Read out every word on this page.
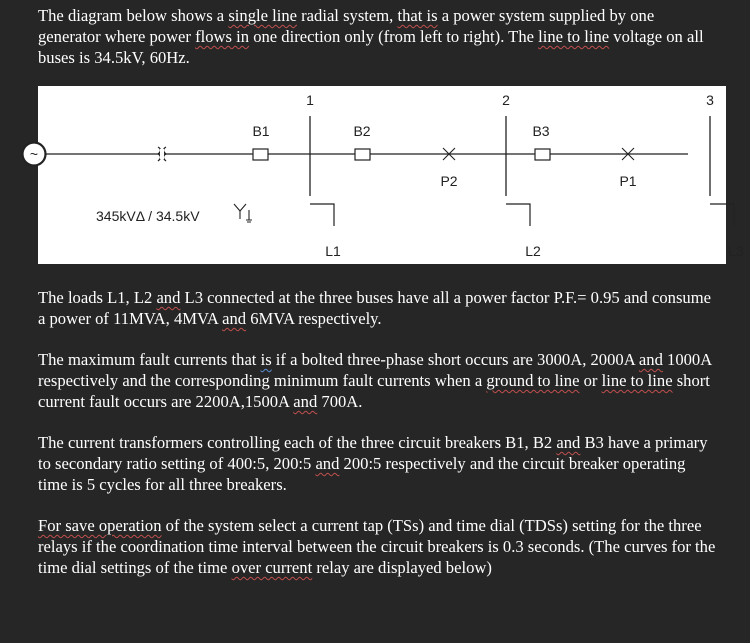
The diagram below shows a single line radial system, that is a power system supplied by one generator where power flows in one direction only (from left to right). The line to line voltage on all buses is 34.5kV, 60Hz.

~
345kVΔ / 34.5kV
B1
1
L1
B2
P2
2
L2
B3
P1
3
L3

The loads L1, L2 and L3 connected at the three buses have all a power factor P.F.= 0.95 and consume a power of 11MVA, 4MVA and 6MVA respectively.

The maximum fault currents that is if a bolted three-phase short occurs are 3000A, 2000A and 1000A respectively and the corresponding minimum fault currents when a ground to line or line to line short current fault occurs are 2200A,1500A and 700A.

The current transformers controlling each of the three circuit breakers B1, B2 and B3 have a primary to secondary ratio setting of 400:5, 200:5 and 200:5 respectively and the circuit breaker operating time is 5 cycles for all three breakers.

For save operation of the system select a current tap (TSs) and time dial (TDSs) setting for the three relays if the coordination time interval between the circuit breakers is 0.3 seconds. (The curves for the time dial settings of the time over current relay are displayed below)
